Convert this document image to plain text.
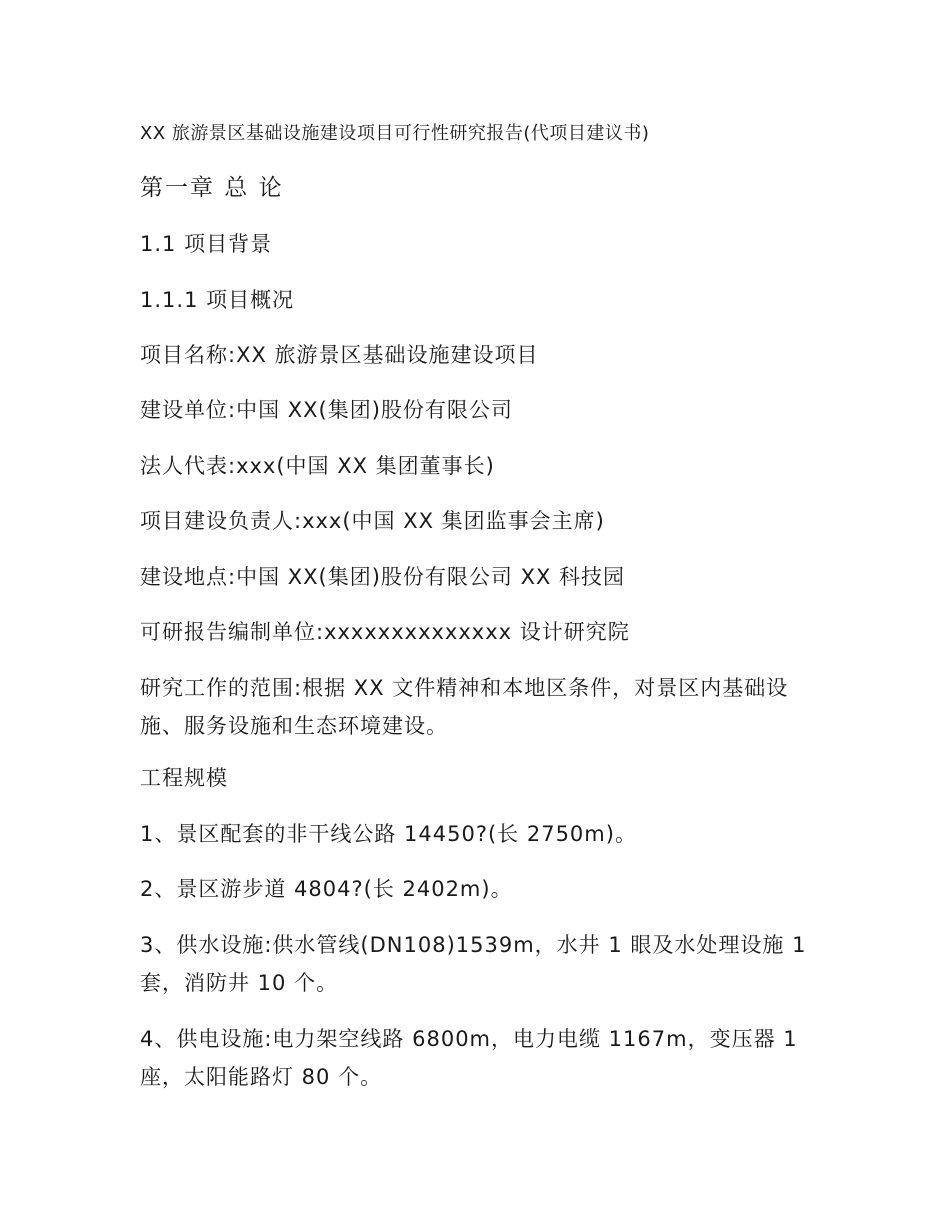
XX 旅游景区基础设施建设项目可行性研究报告(代项目建议书)
第一章 总 论
1.1 项目背景
1.1.1 项目概况
项目名称:XX 旅游景区基础设施建设项目
建设单位:中国 XX(集团)股份有限公司
法人代表:xxx(中国 XX 集团董事长)
项目建设负责人:xxx(中国 XX 集团监事会主席)
建设地点:中国 XX(集团)股份有限公司 XX 科技园
可研报告编制单位:xxxxxxxxxxxxxx 设计研究院
研究工作的范围:根据 XX 文件精神和本地区条件，对景区内基础设施、服务设施和生态环境建设。
工程规模
1、景区配套的非干线公路 14450?(长 2750m)。
2、景区游步道 4804?(长 2402m)。
3、供水设施:供水管线(DN108)1539m，水井 1 眼及水处理设施 1 套，消防井 10 个。
4、供电设施:电力架空线路 6800m，电力电缆 1167m，变压器 1 座，太阳能路灯 80 个。
